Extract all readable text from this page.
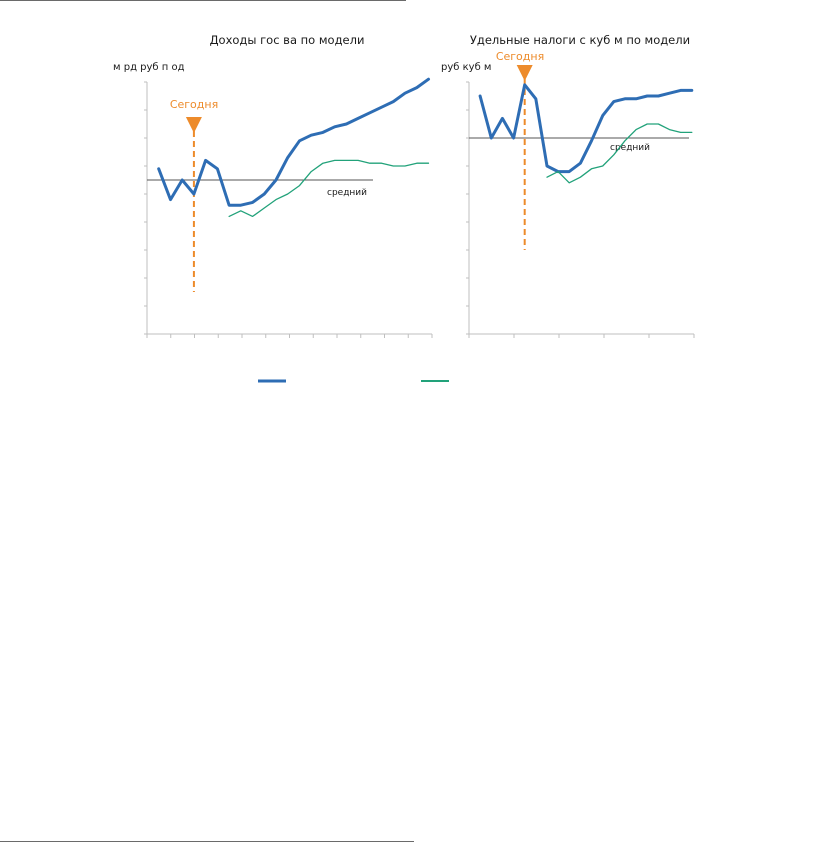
Доходы гос ва по модели
м рд руб п од
средний
Сегодня
Удельные налоги с куб м по модели
руб куб м
средний
Сегодня
